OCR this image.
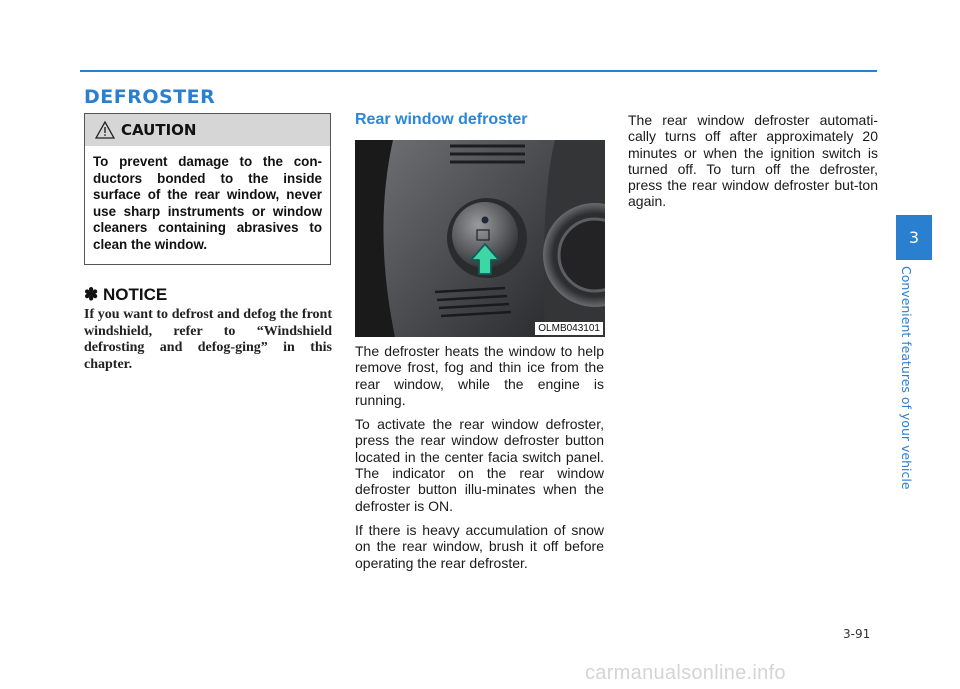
DEFROSTER
CAUTION

To prevent damage to the con-ductors bonded to the inside surface of the rear window, never use sharp instruments or window cleaners containing abrasives to clean the window.

✽ NOTICE

If you want to defrost and defog the front windshield, refer to “Windshield defrosting and defog-ging” in this chapter.

Rear window defroster
OLMB043101

The defroster heats the window to help remove frost, fog and thin ice from the rear window, while the engine is running.

To activate the rear window defroster, press the rear window defroster button located in the center facia switch panel. The indicator on the rear window defroster button illu-minates when the defroster is ON.

If there is heavy accumulation of snow on the rear window, brush it off before operating the rear defroster.

The rear window defroster automati-cally turns off after approximately 20 minutes or when the ignition switch is turned off. To turn off the defroster, press the rear window defroster but-ton again.

3
Convenient features of your vehicle
3-91
carmanualsonline.info
